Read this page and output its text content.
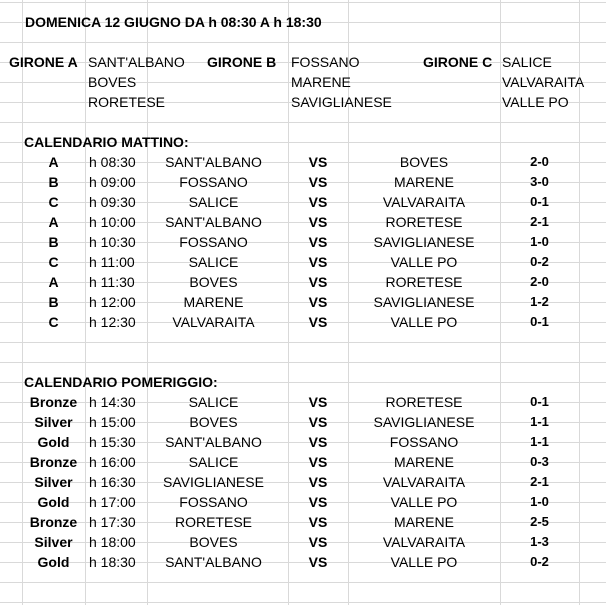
DOMENICA 12 GIUGNO DA h 08:30 A h 18:30
GIRONE A SANT'ALBANO	GIRONE B	FOSSANO	GIRONE C SALICE
BOVES	MARENE	VALVARAITA
RORETESE	SAVIGLIANESE	VALLE PO
CALENDARIO MATTINO:
A	h 08:30	SANT'ALBANO	VS	BOVES	2-0
B	h 09:00	FOSSANO	VS	MARENE	3-0
C	h 09:30	SALICE	VS	VALVARAITA	0-1
A	h 10:00	SANT'ALBANO	VS	RORETESE	2-1
B	h 10:30	FOSSANO	VS	SAVIGLIANESE	1-0
C	h 11:00	SALICE	VS	VALLE PO	0-2
A	h 11:30	BOVES	VS	RORETESE	2-0
B	h 12:00	MARENE	VS	SAVIGLIANESE	1-2
C	h 12:30	VALVARAITA	VS	VALLE PO	0-1
CALENDARIO POMERIGGIO:
Bronze h 14:30	SALICE	VS	RORETESE	0-1
Silver	h 15:00	BOVES	VS	SAVIGLIANESE	1-1
Gold	h 15:30	SANT'ALBANO	VS	FOSSANO	1-1
Bronze h 16:00	SALICE	VS	MARENE	0-3
Silver	h 16:30	SAVIGLIANESE	VS	VALVARAITA	2-1
Gold	h 17:00	FOSSANO	VS	VALLE PO	1-0
Bronze h 17:30	RORETESE	VS	MARENE	2-5
Silver	h 18:00	BOVES	VS	VALVARAITA	1-3
Gold	h 18:30	SANT'ALBANO	VS	VALLE PO	0-2
